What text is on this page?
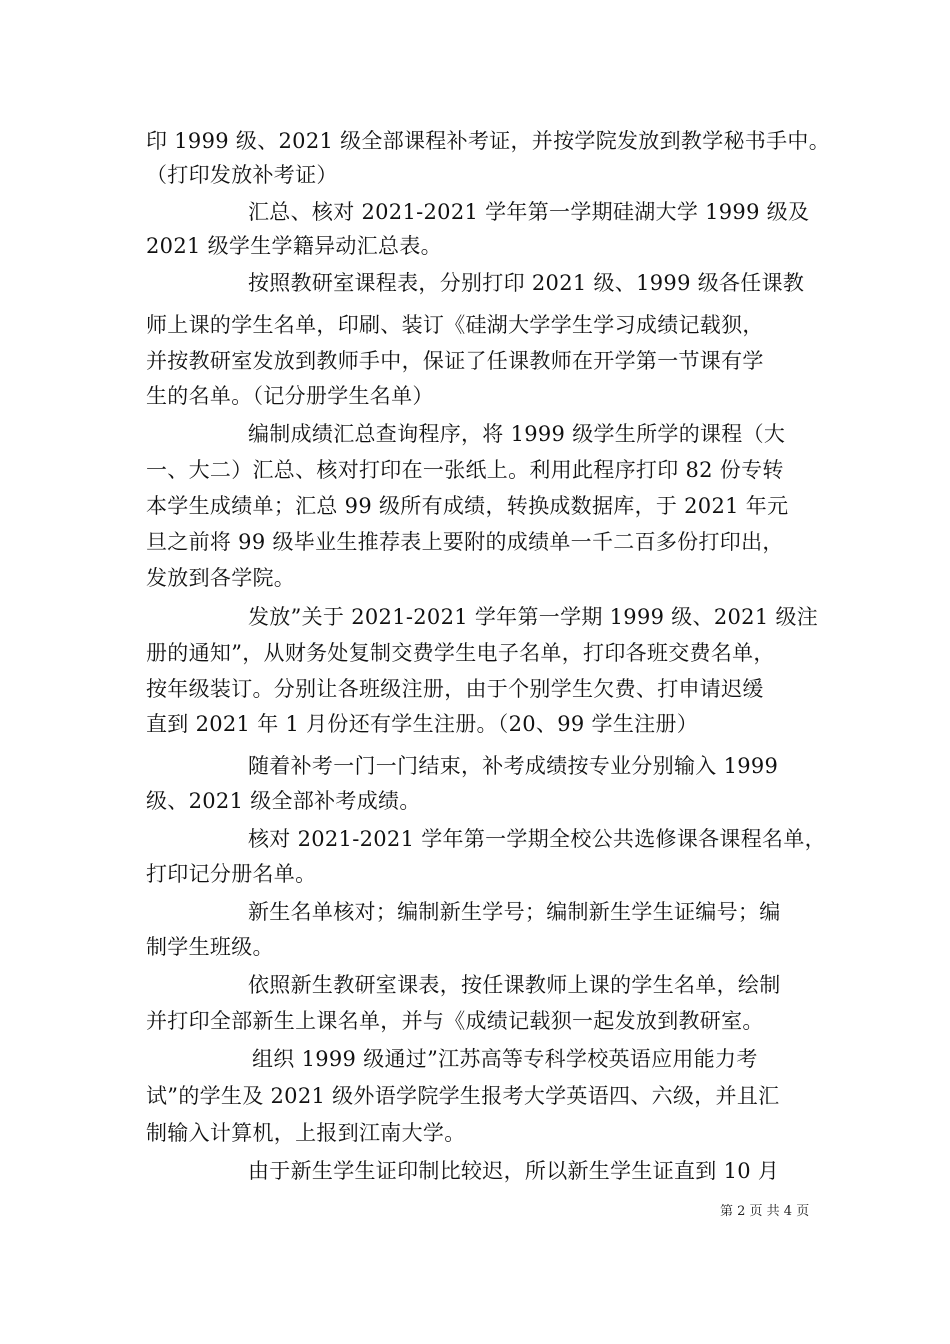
印 1999 级、2021 级全部课程补考证，并按学院发放到教学秘书手中。
（打印发放补考证）
汇总、核对 2021-2021 学年第一学期硅湖大学 1999 级及
2021 级学生学籍异动汇总表。
按照教研室课程表，分别打印 2021 级、1999 级各任课教
师上课的学生名单，印刷、装订《硅湖大学学生学习成绩记载狈，
并按教研室发放到教师手中，保证了任课教师在开学第一节课有学
生的名单。（记分册学生名单）
编制成绩汇总查询程序，将 1999 级学生所学的课程（大
一、大二）汇总、核对打印在一张纸上。利用此程序打印 82 份专转
本学生成绩单；汇总 99 级所有成绩，转换成数据库，于 2021 年元
旦之前将 99 级毕业生推荐表上要附的成绩单一千二百多份打印出，
发放到各学院。
发放”关于 2021-2021 学年第一学期 1999 级、2021 级注
册的通知”，从财务处复制交费学生电子名单，打印各班交费名单，
按年级装订。分别让各班级注册，由于个别学生欠费、打申请迟缓
直到 2021 年 1 月份还有学生注册。（20、99 学生注册）
随着补考一门一门结束，补考成绩按专业分别输入 1999
级、2021 级全部补考成绩。
核对 2021-2021 学年第一学期全校公共选修课各课程名单，
打印记分册名单。
新生名单核对；编制新生学号；编制新生学生证编号；编
制学生班级。
依照新生教研室课表，按任课教师上课的学生名单，绘制
并打印全部新生上课名单，并与《成绩记载狈一起发放到教研室。
组织 1999 级通过”江苏高等专科学校英语应用能力考
试”的学生及 2021 级外语学院学生报考大学英语四、六级，并且汇
制输入计算机，上报到江南大学。
由于新生学生证印制比较迟，所以新生学生证直到 10 月
第 2 页 共 4 页
